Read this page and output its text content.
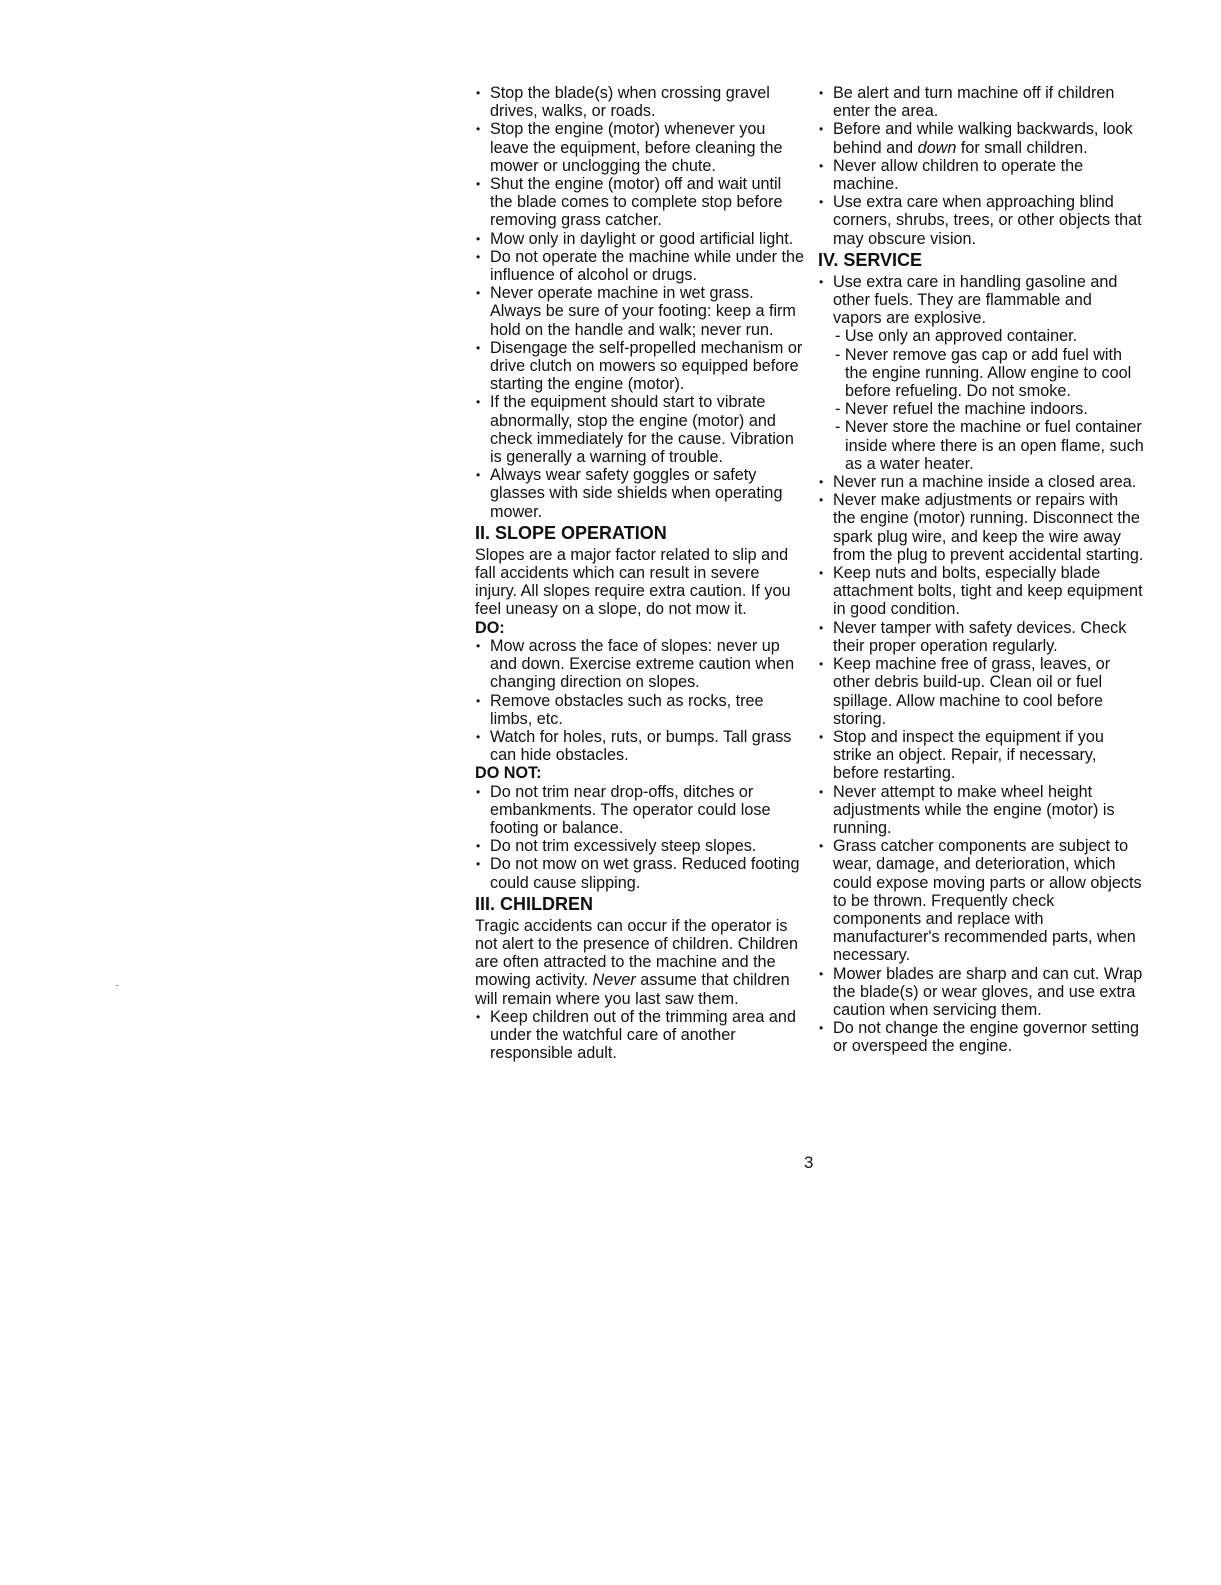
• Stop the blade(s) when crossing gravel drives, walks, or roads.
• Stop the engine (motor) whenever you leave the equipment, before cleaning the mower or unclogging the chute.
• Shut the engine (motor) off and wait until the blade comes to complete stop before removing grass catcher.
• Mow only in daylight or good artificial light.
• Do not operate the machine while under the influence of alcohol or drugs.
• Never operate machine in wet grass. Always be sure of your footing: keep a firm hold on the handle and walk; never run.
• Disengage the self-propelled mechanism or drive clutch on mowers so equipped before starting the engine (motor).
• If the equipment should start to vibrate abnormally, stop the engine (motor) and check immediately for the cause. Vibration is generally a warning of trouble.
• Always wear safety goggles or safety glasses with side shields when operating mower.
II. SLOPE OPERATION

Slopes are a major factor related to slip and fall accidents which can result in severe injury. All slopes require extra caution. If you feel uneasy on a slope, do not mow it.

DO:

• Mow across the face of slopes: never up and down. Exercise extreme caution when changing direction on slopes.
• Remove obstacles such as rocks, tree limbs, etc.
• Watch for holes, ruts, or bumps. Tall grass can hide obstacles.

DO NOT:

• Do not trim near drop-offs, ditches or embankments. The operator could lose footing or balance.
• Do not trim excessively steep slopes.
• Do not mow on wet grass. Reduced footing could cause slipping.
III. CHILDREN

Tragic accidents can occur if the operator is not alert to the presence of children. Children are often attracted to the machine and the mowing activity. Never assume that children will remain where you last saw them.

• Keep children out of the trimming area and under the watchful care of another responsible adult.
• Be alert and turn machine off if children enter the area.
• Before and while walking backwards, look behind and down for small children.
• Never allow children to operate the machine.
• Use extra care when approaching blind corners, shrubs, trees, or other objects that may obscure vision.
IV. SERVICE
• Use extra care in handling gasoline and other fuels. They are flammable and vapors are explosive.
- Use only an approved container.
- Never remove gas cap or add fuel with the engine running. Allow engine to cool before refueling. Do not smoke.
- Never refuel the machine indoors.
- Never store the machine or fuel container inside where there is an open flame, such as a water heater.
• Never run a machine inside a closed area.
• Never make adjustments or repairs with the engine (motor) running. Disconnect the spark plug wire, and keep the wire away from the plug to prevent accidental starting.
• Keep nuts and bolts, especially blade attachment bolts, tight and keep equipment in good condition.
• Never tamper with safety devices. Check their proper operation regularly.
• Keep machine free of grass, leaves, or other debris build-up. Clean oil or fuel spillage. Allow machine to cool before storing.
• Stop and inspect the equipment if you strike an object. Repair, if necessary, before restarting.
• Never attempt to make wheel height adjustments while the engine (motor) is running.
• Grass catcher components are subject to wear, damage, and deterioration, which could expose moving parts or allow objects to be thrown. Frequently check components and replace with manufacturer's recommended parts, when necessary.
• Mower blades are sharp and can cut. Wrap the blade(s) or wear gloves, and use extra caution when servicing them.
• Do not change the engine governor setting or overspeed the engine.
3
